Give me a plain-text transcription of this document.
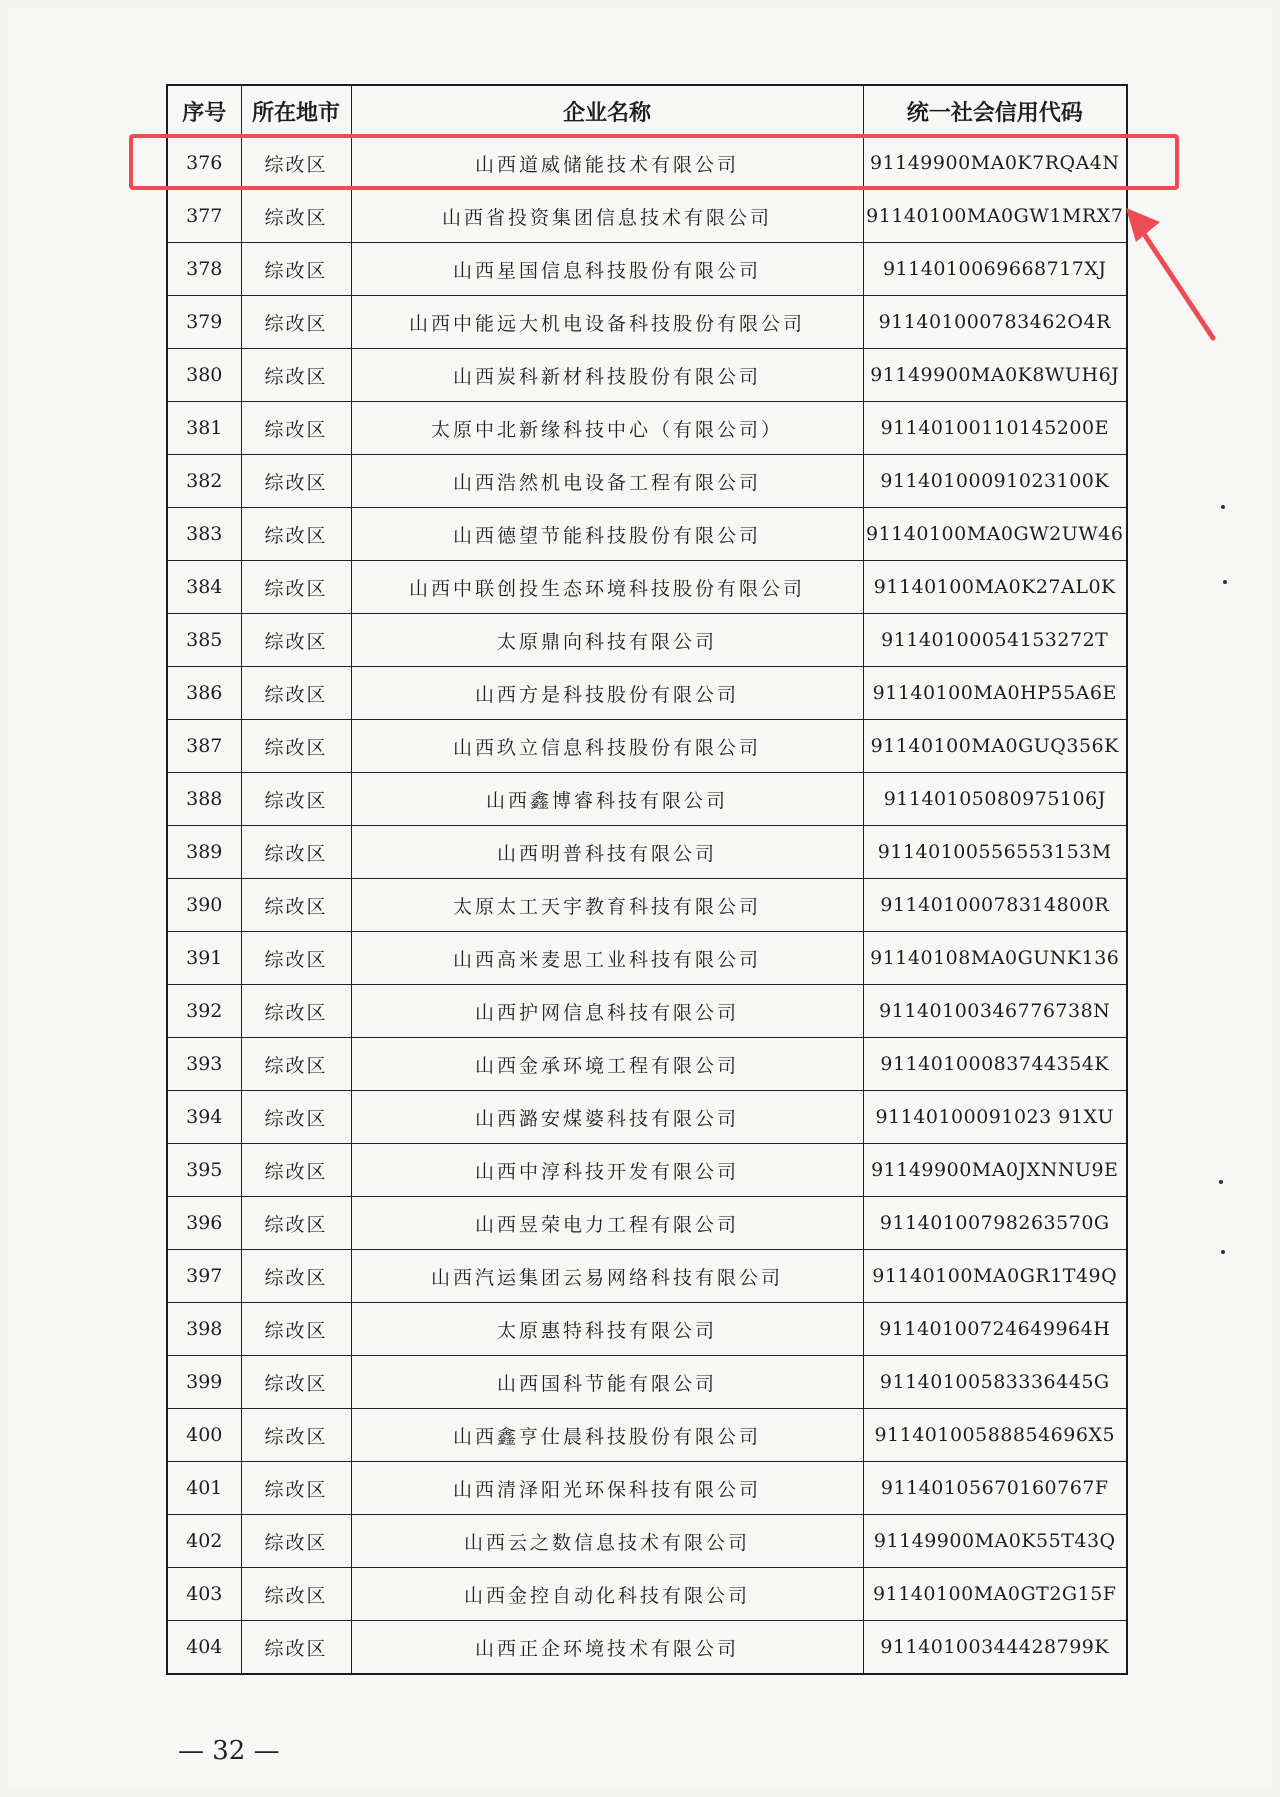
序号	所在地市	企业名称	统一社会信用代码
376	综改区	山西道威储能技术有限公司	91149900MA0K7RQA4N
377	综改区	山西省投资集团信息技术有限公司	91140100MA0GW1MRX7
378	综改区	山西星国信息科技股份有限公司	9114010069668717XJ
379	综改区	山西中能远大机电设备科技股份有限公司	911401000783462O4R
380	综改区	山西炭科新材科技股份有限公司	91149900MA0K8WUH6J
381	综改区	太原中北新缘科技中心（有限公司）	91140100110145200E
382	综改区	山西浩然机电设备工程有限公司	91140100091023100K
383	综改区	山西德望节能科技股份有限公司	91140100MA0GW2UW46
384	综改区	山西中联创投生态环境科技股份有限公司	91140100MA0K27AL0K
385	综改区	太原鼎向科技有限公司	91140100054153272T
386	综改区	山西方是科技股份有限公司	91140100MA0HP55A6E
387	综改区	山西玖立信息科技股份有限公司	91140100MA0GUQ356K
388	综改区	山西鑫博睿科技有限公司	91140105080975106J
389	综改区	山西明普科技有限公司	91140100556553153M
390	综改区	太原太工天宇教育科技有限公司	91140100078314800R
391	综改区	山西高米麦思工业科技有限公司	91140108MA0GUNK136
392	综改区	山西护网信息科技有限公司	91140100346776738N
393	综改区	山西金承环境工程有限公司	91140100083744354K
394	综改区	山西潞安煤婆科技有限公司	91140100091023 91XU
395	综改区	山西中淳科技开发有限公司	91149900MA0JXNNU9E
396	综改区	山西昱荣电力工程有限公司	91140100798263570G
397	综改区	山西汽运集团云易网络科技有限公司	91140100MA0GR1T49Q
398	综改区	太原惠特科技有限公司	91140100724649964H
399	综改区	山西国科节能有限公司	91140100583336445G
400	综改区	山西鑫亨仕晨科技股份有限公司	91140100588854696X5
401	综改区	山西清泽阳光环保科技有限公司	91140105670160767F
402	综改区	山西云之数信息技术有限公司	91149900MA0K55T43Q
403	综改区	山西金控自动化科技有限公司	91140100MA0GT2G15F
404	综改区	山西正企环境技术有限公司	91140100344428799K
— 32 —
